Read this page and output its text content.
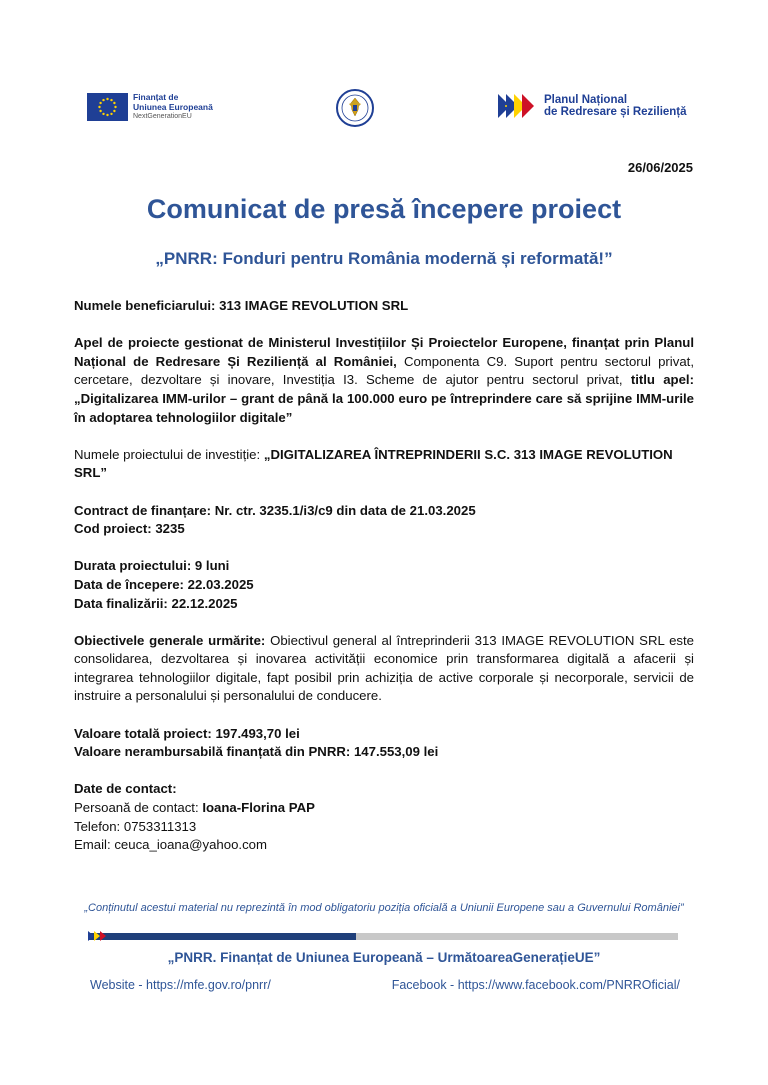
Finanțat de
Uniunea Europeană
NextGenerationEU
Planul Național
de Redresare și Reziliență
26/06/2025
Comunicat de presă începere proiect
„PNRR: Fonduri pentru România modernă și reformată!”

Numele beneficiarului: 313 IMAGE REVOLUTION SRL

Apel de proiecte gestionat de Ministerul Investițiilor Și Proiectelor Europene, finanțat prin Planul Național de Redresare Și Reziliență al României, Componenta C9. Suport pentru sectorul privat, cercetare, dezvoltare și inovare, Investiția I3. Scheme de ajutor pentru sectorul privat, titlu apel: „Digitalizarea IMM-urilor – grant de până la 100.000 euro pe întreprindere care să sprijine IMM-urile în adoptarea tehnologiilor digitale”

Numele proiectului de investiție: „DIGITALIZAREA ÎNTREPRINDERII S.C. 313 IMAGE REVOLUTION SRL”

Contract de finanțare: Nr. ctr. 3235.1/i3/c9 din data de 21.03.2025

Cod proiect: 3235

Durata proiectului: 9 luni

Data de începere: 22.03.2025

Data finalizării: 22.12.2025

Obiectivele generale urmărite: Obiectivul general al întreprinderii 313 IMAGE REVOLUTION SRL este consolidarea, dezvoltarea și inovarea activității economice prin transformarea digitală a afacerii și integrarea tehnologiilor digitale, fapt posibil prin achiziția de active corporale și necorporale, servicii de instruire a personalului și personalului de conducere.

Valoare totală proiect: 197.493,70 lei

Valoare nerambursabilă finanțată din PNRR: 147.553,09 lei

Date de contact:

Persoană de contact: Ioana-Florina PAP

Telefon: 0753311313

Email: ceuca_ioana@yahoo.com

„Conținutul acestui material nu reprezintă în mod obligatoriu poziția oficială a Uniunii Europene sau a Guvernului României”
„PNRR. Finanțat de Uniunea Europeană – UrmătoareaGenerațieUE”
Website - https://mfe.gov.ro/pnrr/	Facebook - https://www.facebook.com/PNRROficial/
